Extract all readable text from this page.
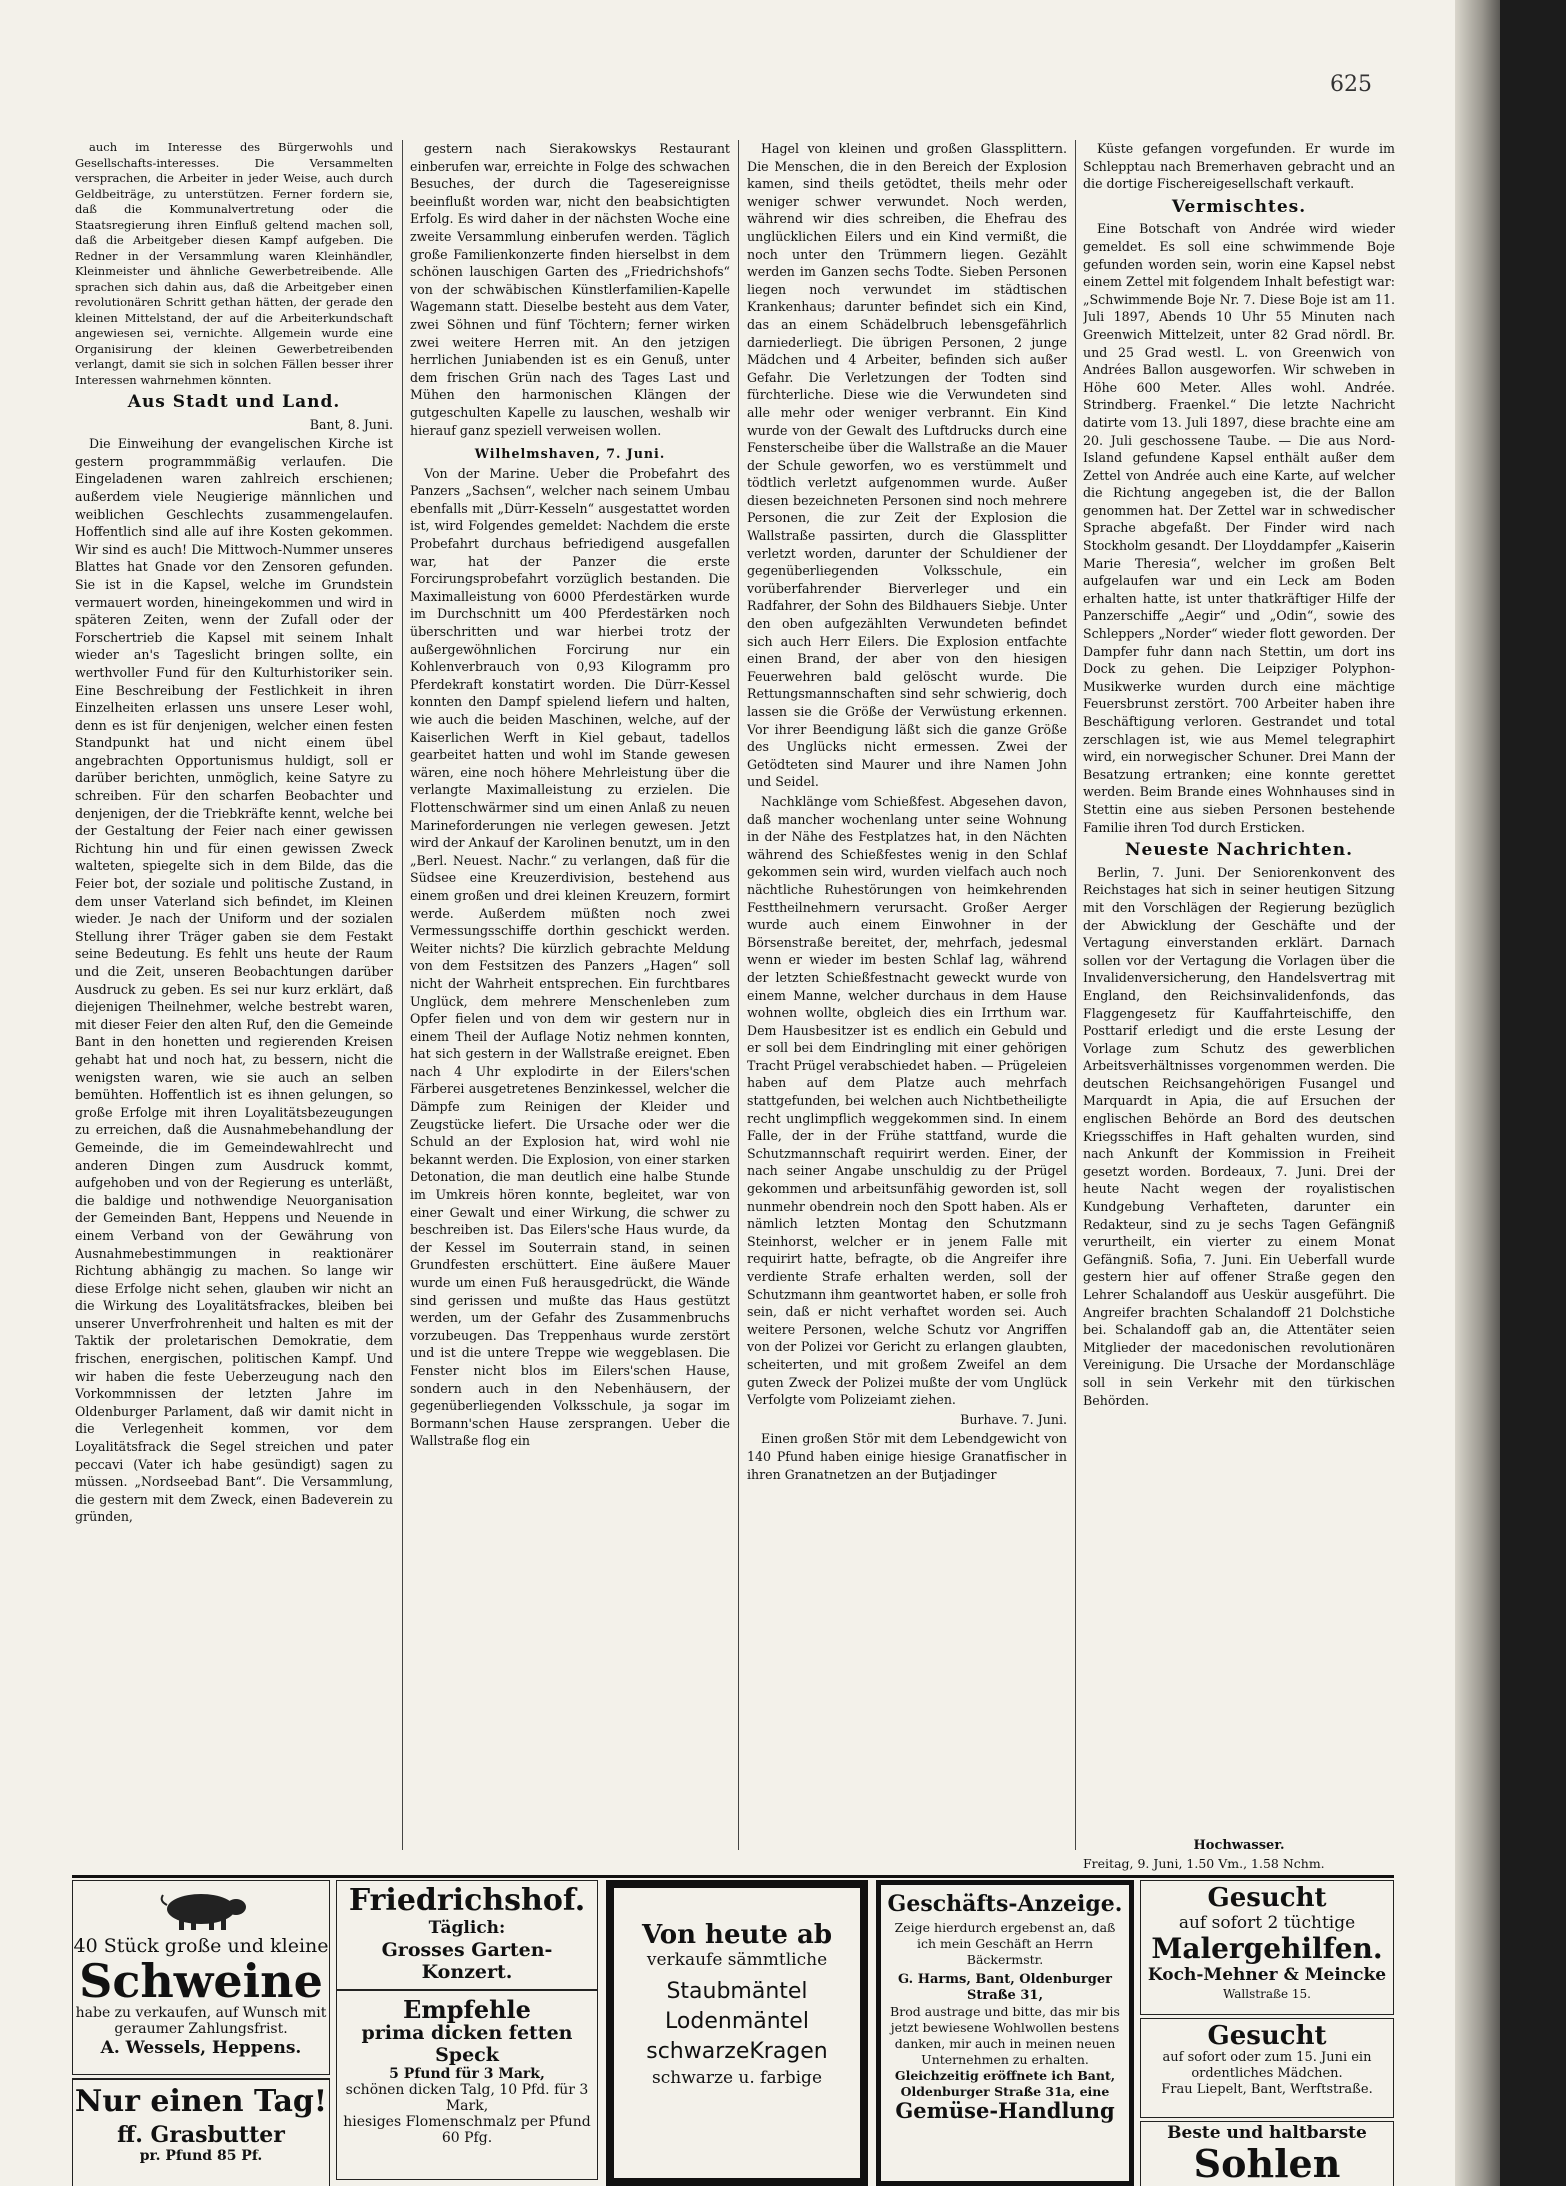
625

auch im Interesse des Bürgerwohls und Gesellschafts-interesses. Die Versammelten versprachen, die Arbeiter in jeder Weise, auch durch Geldbeiträge, zu unterstützen. Ferner fordern sie, daß die Kommunalvertretung oder die Staatsregierung ihren Einfluß geltend machen soll, daß die Arbeitgeber diesen Kampf aufgeben. Die Redner in der Versammlung waren Kleinhändler, Kleinmeister und ähnliche Gewerbetreibende. Alle sprachen sich dahin aus, daß die Arbeitgeber einen revolutionären Schritt gethan hätten, der gerade den kleinen Mittelstand, der auf die Arbeiterkundschaft angewiesen sei, vernichte. Allgemein wurde eine Organisirung der kleinen Gewerbetreibenden verlangt, damit sie sich in solchen Fällen besser ihrer Interessen wahrnehmen könnten.

Aus Stadt und Land.

Bant, 8. Juni.

Die Einweihung der evangelischen Kirche ist gestern programmmäßig verlaufen. Die Eingeladenen waren zahlreich erschienen; außerdem viele Neugierige männlichen und weiblichen Geschlechts zusammengelaufen. Hoffentlich sind alle auf ihre Kosten gekommen. Wir sind es auch! Die Mittwoch-Nummer unseres Blattes hat Gnade vor den Zensoren gefunden. Sie ist in die Kapsel, welche im Grundstein vermauert worden, hineingekommen und wird in späteren Zeiten, wenn der Zufall oder der Forschertrieb die Kapsel mit seinem Inhalt wieder an's Tageslicht bringen sollte, ein werthvoller Fund für den Kulturhistoriker sein. Eine Beschreibung der Festlichkeit in ihren Einzelheiten erlassen uns unsere Leser wohl, denn es ist für denjenigen, welcher einen festen Standpunkt hat und nicht einem übel angebrachten Opportunismus huldigt, soll er darüber berichten, unmöglich, keine Satyre zu schreiben. Für den scharfen Beobachter und denjenigen, der die Triebkräfte kennt, welche bei der Gestaltung der Feier nach einer gewissen Richtung hin und für einen gewissen Zweck walteten, spiegelte sich in dem Bilde, das die Feier bot, der soziale und politische Zustand, in dem unser Vaterland sich befindet, im Kleinen wieder. Je nach der Uniform und der sozialen Stellung ihrer Träger gaben sie dem Festakt seine Bedeutung. Es fehlt uns heute der Raum und die Zeit, unseren Beobachtungen darüber Ausdruck zu geben. Es sei nur kurz erklärt, daß diejenigen Theilnehmer, welche bestrebt waren, mit dieser Feier den alten Ruf, den die Gemeinde Bant in den honetten und regierenden Kreisen gehabt hat und noch hat, zu bessern, nicht die wenigsten waren, wie sie auch an selben bemühten. Hoffentlich ist es ihnen gelungen, so große Erfolge mit ihren Loyalitätsbezeugungen zu erreichen, daß die Ausnahmebehandlung der Gemeinde, die im Gemeindewahlrecht und anderen Dingen zum Ausdruck kommt, aufgehoben und von der Regierung es unterläßt, die baldige und nothwendige Neuorganisation der Gemeinden Bant, Heppens und Neuende in einem Verband von der Gewährung von Ausnahmebestimmungen in reaktionärer Richtung abhängig zu machen. So lange wir diese Erfolge nicht sehen, glauben wir nicht an die Wirkung des Loyalitätsfrackes, bleiben bei unserer Unverfrohrenheit und halten es mit der Taktik der proletarischen Demokratie, dem frischen, energischen, politischen Kampf. Und wir haben die feste Ueberzeugung nach den Vorkommnissen der letzten Jahre im Oldenburger Parlament, daß wir damit nicht in die Verlegenheit kommen, vor dem Loyalitätsfrack die Segel streichen und pater peccavi (Vater ich habe gesündigt) sagen zu müssen. „Nordseebad Bant“. Die Versammlung, die gestern mit dem Zweck, einen Badeverein zu gründen,

gestern nach Sierakowskys Restaurant einberufen war, erreichte in Folge des schwachen Besuches, der durch die Tagesereignisse beeinflußt worden war, nicht den beabsichtigten Erfolg. Es wird daher in der nächsten Woche eine zweite Versammlung einberufen werden. Täglich große Familienkonzerte finden hierselbst in dem schönen lauschigen Garten des „Friedrichshofs“ von der schwäbischen Künstlerfamilien-Kapelle Wagemann statt. Dieselbe besteht aus dem Vater, zwei Söhnen und fünf Töchtern; ferner wirken zwei weitere Herren mit. An den jetzigen herrlichen Juniabenden ist es ein Genuß, unter dem frischen Grün nach des Tages Last und Mühen den harmonischen Klängen der gutgeschulten Kapelle zu lauschen, weshalb wir hierauf ganz speziell verweisen wollen.

Wilhelmshaven, 7. Juni.

Von der Marine. Ueber die Probefahrt des Panzers „Sachsen“, welcher nach seinem Umbau ebenfalls mit „Dürr-Kesseln“ ausgestattet worden ist, wird Folgendes gemeldet: Nachdem die erste Probefahrt durchaus befriedigend ausgefallen war, hat der Panzer die erste Forcirungsprobefahrt vorzüglich bestanden. Die Maximalleistung von 6000 Pferdestärken wurde im Durchschnitt um 400 Pferdestärken noch überschritten und war hierbei trotz der außergewöhnlichen Forcirung nur ein Kohlenverbrauch von 0,93 Kilogramm pro Pferdekraft konstatirt worden. Die Dürr-Kessel konnten den Dampf spielend liefern und halten, wie auch die beiden Maschinen, welche, auf der Kaiserlichen Werft in Kiel gebaut, tadellos gearbeitet hatten und wohl im Stande gewesen wären, eine noch höhere Mehrleistung über die verlangte Maximalleistung zu erzielen. Die Flottenschwärmer sind um einen Anlaß zu neuen Marineforderungen nie verlegen gewesen. Jetzt wird der Ankauf der Karolinen benutzt, um in den „Berl. Neuest. Nachr.“ zu verlangen, daß für die Südsee eine Kreuzerdivision, bestehend aus einem großen und drei kleinen Kreuzern, formirt werde. Außerdem müßten noch zwei Vermessungsschiffe dorthin geschickt werden. Weiter nichts? Die kürzlich gebrachte Meldung von dem Festsitzen des Panzers „Hagen“ soll nicht der Wahrheit entsprechen. Ein furchtbares Unglück, dem mehrere Menschenleben zum Opfer fielen und von dem wir gestern nur in einem Theil der Auflage Notiz nehmen konnten, hat sich gestern in der Wallstraße ereignet. Eben nach 4 Uhr explodirte in der Eilers'schen Färberei ausgetretenes Benzinkessel, welcher die Dämpfe zum Reinigen der Kleider und Zeugstücke liefert. Die Ursache oder wer die Schuld an der Explosion hat, wird wohl nie bekannt werden. Die Explosion, von einer starken Detonation, die man deutlich eine halbe Stunde im Umkreis hören konnte, begleitet, war von einer Gewalt und einer Wirkung, die schwer zu beschreiben ist. Das Eilers'sche Haus wurde, da der Kessel im Souterrain stand, in seinen Grundfesten erschüttert. Eine äußere Mauer wurde um einen Fuß herausgedrückt, die Wände sind gerissen und mußte das Haus gestützt werden, um der Gefahr des Zusammenbruchs vorzubeugen. Das Treppenhaus wurde zerstört und ist die untere Treppe wie weggeblasen. Die Fenster nicht blos im Eilers'schen Hause, sondern auch in den Nebenhäusern, der gegenüberliegenden Volksschule, ja sogar im Bormann'schen Hause zersprangen. Ueber die Wallstraße flog ein

Hagel von kleinen und großen Glassplittern. Die Menschen, die in den Bereich der Explosion kamen, sind theils getödtet, theils mehr oder weniger schwer verwundet. Noch werden, während wir dies schreiben, die Ehefrau des unglücklichen Eilers und ein Kind vermißt, die noch unter den Trümmern liegen. Gezählt werden im Ganzen sechs Todte. Sieben Personen liegen noch verwundet im städtischen Krankenhaus; darunter befindet sich ein Kind, das an einem Schädelbruch lebensgefährlich darniederliegt. Die übrigen Personen, 2 junge Mädchen und 4 Arbeiter, befinden sich außer Gefahr. Die Verletzungen der Todten sind fürchterliche. Diese wie die Verwundeten sind alle mehr oder weniger verbrannt. Ein Kind wurde von der Gewalt des Luftdrucks durch eine Fensterscheibe über die Wallstraße an die Mauer der Schule geworfen, wo es verstümmelt und tödtlich verletzt aufgenommen wurde. Außer diesen bezeichneten Personen sind noch mehrere Personen, die zur Zeit der Explosion die Wallstraße passirten, durch die Glassplitter verletzt worden, darunter der Schuldiener der gegenüberliegenden Volksschule, ein vorüberfahrender Bierverleger und ein Radfahrer, der Sohn des Bildhauers Siebje. Unter den oben aufgezählten Verwundeten befindet sich auch Herr Eilers. Die Explosion entfachte einen Brand, der aber von den hiesigen Feuerwehren bald gelöscht wurde. Die Rettungsmannschaften sind sehr schwierig, doch lassen sie die Größe der Verwüstung erkennen. Vor ihrer Beendigung läßt sich die ganze Größe des Unglücks nicht ermessen. Zwei der Getödteten sind Maurer und ihre Namen John und Seidel.

Nachklänge vom Schießfest. Abgesehen davon, daß mancher wochenlang unter seine Wohnung in der Nähe des Festplatzes hat, in den Nächten während des Schießfestes wenig in den Schlaf gekommen sein wird, wurden vielfach auch noch nächtliche Ruhestörungen von heimkehrenden Festtheilnehmern verursacht. Großer Aerger wurde auch einem Einwohner in der Börsenstraße bereitet, der, mehrfach, jedesmal wenn er wieder im besten Schlaf lag, während der letzten Schießfestnacht geweckt wurde von einem Manne, welcher durchaus in dem Hause wohnen wollte, obgleich dies ein Irrthum war. Dem Hausbesitzer ist es endlich ein Gebuld und er soll bei dem Eindringling mit einer gehörigen Tracht Prügel verabschiedet haben. — Prügeleien haben auf dem Platze auch mehrfach stattgefunden, bei welchen auch Nichtbetheiligte recht unglimpflich weggekommen sind. In einem Falle, der in der Frühe stattfand, wurde die Schutzmannschaft requirirt werden. Einer, der nach seiner Angabe unschuldig zu der Prügel gekommen und arbeitsunfähig geworden ist, soll nunmehr obendrein noch den Spott haben. Als er nämlich letzten Montag den Schutzmann Steinhorst, welcher er in jenem Falle mit requirirt hatte, befragte, ob die Angreifer ihre verdiente Strafe erhalten werden, soll der Schutzmann ihm geantwortet haben, er solle froh sein, daß er nicht verhaftet worden sei. Auch weitere Personen, welche Schutz vor Angriffen von der Polizei vor Gericht zu erlangen glaubten, scheiterten, und mit großem Zweifel an dem guten Zweck der Polizei mußte der vom Unglück Verfolgte vom Polizeiamt ziehen.

Burhave. 7. Juni.

Einen großen Stör mit dem Lebendgewicht von 140 Pfund haben einige hiesige Granatfischer in ihren Granatnetzen an der Butjadinger

Küste gefangen vorgefunden. Er wurde im Schlepptau nach Bremerhaven gebracht und an die dortige Fischereigesellschaft verkauft.

Vermischtes.

Eine Botschaft von Andrée wird wieder gemeldet. Es soll eine schwimmende Boje gefunden worden sein, worin eine Kapsel nebst einem Zettel mit folgendem Inhalt befestigt war: „Schwimmende Boje Nr. 7. Diese Boje ist am 11. Juli 1897, Abends 10 Uhr 55 Minuten nach Greenwich Mittelzeit, unter 82 Grad nördl. Br. und 25 Grad westl. L. von Greenwich von Andrées Ballon ausgeworfen. Wir schweben in Höhe 600 Meter. Alles wohl. Andrée. Strindberg. Fraenkel.“ Die letzte Nachricht datirte vom 13. Juli 1897, diese brachte eine am 20. Juli geschossene Taube. — Die aus Nord-Island gefundene Kapsel enthält außer dem Zettel von Andrée auch eine Karte, auf welcher die Richtung angegeben ist, die der Ballon genommen hat. Der Zettel war in schwedischer Sprache abgefaßt. Der Finder wird nach Stockholm gesandt. Der Lloyddampfer „Kaiserin Marie Theresia“, welcher im großen Belt aufgelaufen war und ein Leck am Boden erhalten hatte, ist unter thatkräftiger Hilfe der Panzerschiffe „Aegir“ und „Odin“, sowie des Schleppers „Norder“ wieder flott geworden. Der Dampfer fuhr dann nach Stettin, um dort ins Dock zu gehen. Die Leipziger Polyphon-Musikwerke wurden durch eine mächtige Feuersbrunst zerstört. 700 Arbeiter haben ihre Beschäftigung verloren. Gestrandet und total zerschlagen ist, wie aus Memel telegraphirt wird, ein norwegischer Schuner. Drei Mann der Besatzung ertranken; eine konnte gerettet werden. Beim Brande eines Wohnhauses sind in Stettin eine aus sieben Personen bestehende Familie ihren Tod durch Ersticken.

Neueste Nachrichten.

Berlin, 7. Juni. Der Seniorenkonvent des Reichstages hat sich in seiner heutigen Sitzung mit den Vorschlägen der Regierung bezüglich der Abwicklung der Geschäfte und der Vertagung einverstanden erklärt. Darnach sollen vor der Vertagung die Vorlagen über die Invalidenversicherung, den Handelsvertrag mit England, den Reichsinvalidenfonds, das Flaggengesetz für Kauffahrteischiffe, den Posttarif erledigt und die erste Lesung der Vorlage zum Schutz des gewerblichen Arbeitsverhältnisses vorgenommen werden. Die deutschen Reichsangehörigen Fusangel und Marquardt in Apia, die auf Ersuchen der englischen Behörde an Bord des deutschen Kriegsschiffes in Haft gehalten wurden, sind nach Ankunft der Kommission in Freiheit gesetzt worden. Bordeaux, 7. Juni. Drei der heute Nacht wegen der royalistischen Kundgebung Verhafteten, darunter ein Redakteur, sind zu je sechs Tagen Gefängniß verurtheilt, ein vierter zu einem Monat Gefängniß. Sofia, 7. Juni. Ein Ueberfall wurde gestern hier auf offener Straße gegen den Lehrer Schalandoff aus Ueskür ausgeführt. Die Angreifer brachten Schalandoff 21 Dolchstiche bei. Schalandoff gab an, die Attentäter seien Mitglieder der macedonischen revolutionären Vereinigung. Die Ursache der Mordanschläge soll in sein Verkehr mit den türkischen Behörden.

Hochwasser.
Freitag, 9. Juni, 1.50 Vm., 1.58 Nchm.
40 Stück große und kleine
Schweine
habe zu verkaufen, auf Wunsch mit geraumer Zahlungsfrist.
A. Wessels, Heppens.
Nur einen Tag!
ff. Grasbutter
pr. Pfund 85 Pf.
Friedrichshof.
Täglich:
Grosses Garten-Konzert.
Empfehle
prima dicken fetten Speck
5 Pfund für 3 Mark,
schönen dicken Talg, 10 Pfd. für 3 Mark,
hiesiges Flomenschmalz per Pfund 60 Pfg.
Von heute ab
verkaufe sämmtliche
Staubmäntel
Lodenmäntel
schwarzeKragen
schwarze u. farbige
Geschäfts-Anzeige.
Zeige hierdurch ergebenst an, daß ich mein Geschäft an Herrn Bäckermstr.
G. Harms, Bant, Oldenburger Straße 31,
Brod austrage und bitte, das mir bis jetzt bewiesene Wohlwollen bestens danken, mir auch in meinen neuen Unternehmen zu erhalten.
Gleichzeitig eröffnete ich Bant, Oldenburger Straße 31a, eine
Gemüse-Handlung
Gesucht
auf sofort 2 tüchtige
Malergehilfen.
Koch-Mehner & Meincke
Wallstraße 15.
Gesucht
auf sofort oder zum 15. Juni ein ordentliches Mädchen.
Frau Liepelt, Bant, Werftstraße.
Beste und haltbarste
Sohlen
